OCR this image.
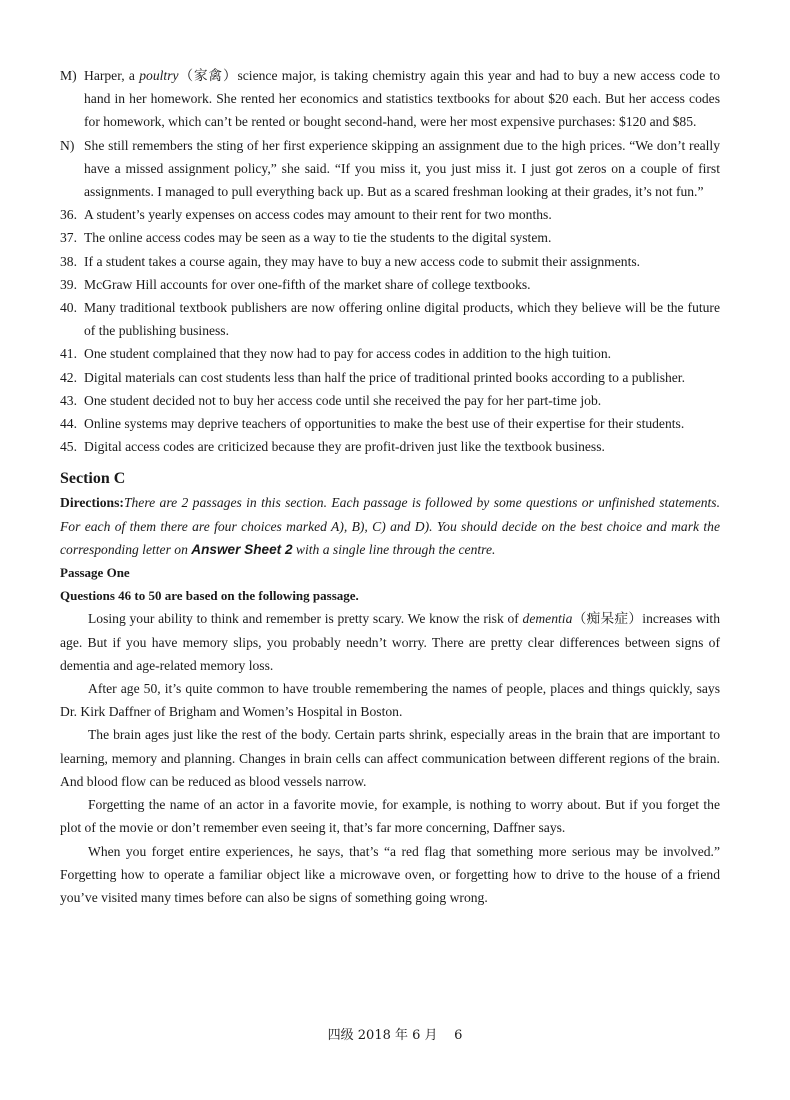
M) Harper, a poultry（家禽）science major, is taking chemistry again this year and had to buy a new access code to hand in her homework. She rented her economics and statistics textbooks for about $20 each. But her access codes for homework, which can’t be rented or bought second-hand, were her most expensive purchases: $120 and $85.

N) She still remembers the sting of her first experience skipping an assignment due to the high prices. “We don’t really have a missed assignment policy,” she said. “If you miss it, you just miss it. I just got zeros on a couple of first assignments. I managed to pull everything back up. But as a scared freshman looking at their grades, it’s not fun.”

36. A student’s yearly expenses on access codes may amount to their rent for two months.

37. The online access codes may be seen as a way to tie the students to the digital system.

38. If a student takes a course again, they may have to buy a new access code to submit their assignments.

39. McGraw Hill accounts for over one-fifth of the market share of college textbooks.

40. Many traditional textbook publishers are now offering online digital products, which they believe will be the future of the publishing business.

41. One student complained that they now had to pay for access codes in addition to the high tuition.

42. Digital materials can cost students less than half the price of traditional printed books according to a publisher.

43. One student decided not to buy her access code until she received the pay for her part-time job.

44. Online systems may deprive teachers of opportunities to make the best use of their expertise for their students.

45. Digital access codes are criticized because they are profit-driven just like the textbook business.

Section C

Directions:There are 2 passages in this section. Each passage is followed by some questions or unfinished statements. For each of them there are four choices marked A), B), C) and D). You should decide on the best choice and mark the corresponding letter on Answer Sheet 2 with a single line through the centre.

Passage One

Questions 46 to 50 are based on the following passage.

Losing your ability to think and remember is pretty scary. We know the risk of dementia（痴呆症）increases with age. But if you have memory slips, you probably needn’t worry. There are pretty clear differences between signs of dementia and age-related memory loss.

After age 50, it’s quite common to have trouble remembering the names of people, places and things quickly, says Dr. Kirk Daffner of Brigham and Women’s Hospital in Boston.

The brain ages just like the rest of the body. Certain parts shrink, especially areas in the brain that are important to learning, memory and planning. Changes in brain cells can affect communication between different regions of the brain. And blood flow can be reduced as blood vessels narrow.

Forgetting the name of an actor in a favorite movie, for example, is nothing to worry about. But if you forget the plot of the movie or don’t remember even seeing it, that’s far more concerning, Daffner says.

When you forget entire experiences, he says, that’s “a red flag that something more serious may be involved.” Forgetting how to operate a familiar object like a microwave oven, or forgetting how to drive to the house of a friend you’ve visited many times before can also be signs of something going wrong.

四级 2018 年 6 月 6
